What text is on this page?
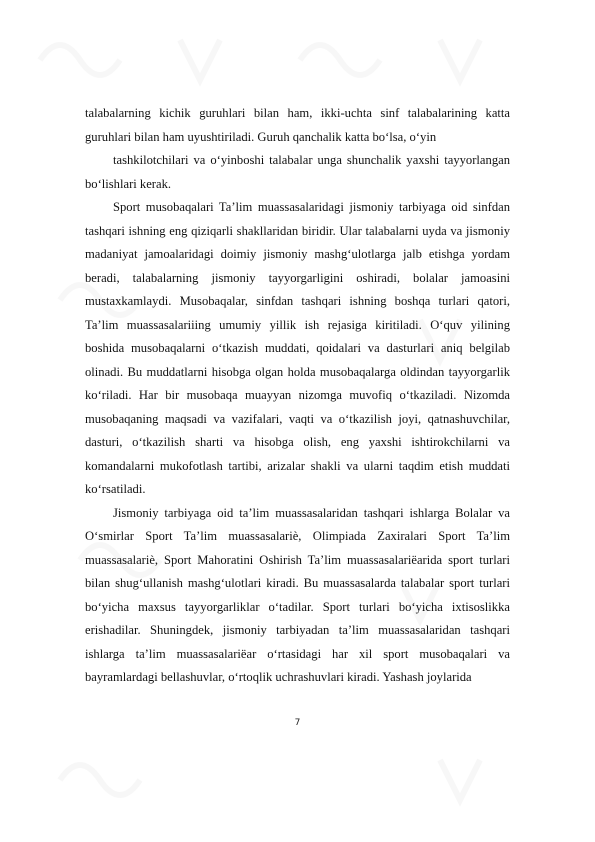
talabalarning kichik guruhlari bilan ham, ikki-uchta sinf talabalarining katta guruhlari bilan ham uyushtiriladi. Guruh qanchalik katta bo‘lsa, o‘yin

tashkilotchilari va o‘yinboshi talabalar unga shunchalik yaxshi tayyorlangan bo‘lishlari kerak.

Sport musobaqalari Ta’lim muassasalaridagi jismoniy tarbiyaga oid sinfdan tashqari ishning eng qiziqarli shakllaridan biridir. Ular talabalarni uyda va jismoniy madaniyat jamoalaridagi doimiy jismoniy mashg‘ulotlarga jalb etishga yordam beradi, talabalarning jismoniy tayyorgarligini oshiradi, bolalar jamoasini mustaxkamlaydi. Musobaqalar, sinfdan tashqari ishning boshqa turlari qatori, Ta’lim muassasalariiing umumiy yillik ish rejasiga kiritiladi. O‘quv yilining boshida musobaqalarni o‘tkazish muddati, qoidalari va dasturlari aniq belgilab olinadi. Bu muddatlarni hisobga olgan holda musobaqalarga oldindan tayyorgarlik ko‘riladi. Har bir musobaqa muayyan nizomga muvofiq o‘tkaziladi. Nizomda musobaqaning maqsadi va vazifalari, vaqti va o‘tkazilish joyi, qatnashuvchilar, dasturi, o‘tkazilish sharti va hisobga olish, eng yaxshi ishtirokchilarni va komandalarni mukofotlash tartibi, arizalar shakli va ularni taqdim etish muddati ko‘rsatiladi.

Jismoniy tarbiyaga oid ta’lim muassasalaridan tashqari ishlarga Bolalar va O‘smirlar Sport Ta’lim muassasalariè, Olimpiada Zaxiralari Sport Ta’lim muassasalariè, Sport Mahoratini Oshirish Ta’lim muassasalariëarida sport turlari bilan shug‘ullanish mashg‘ulotlari kiradi. Bu muassasalarda talabalar sport turlari bo‘yicha maxsus tayyorgarliklar o‘tadilar. Sport turlari bo‘yicha ixtisoslikka erishadilar. Shuningdek, jismoniy tarbiyadan ta’lim muassasalaridan tashqari ishlarga ta’lim muassasalariëar o‘rtasidagi har xil sport musobaqalari va bayramlardagi bellashuvlar, o‘rtoqlik uchrashuvlari kiradi. Yashash joylarida

7
